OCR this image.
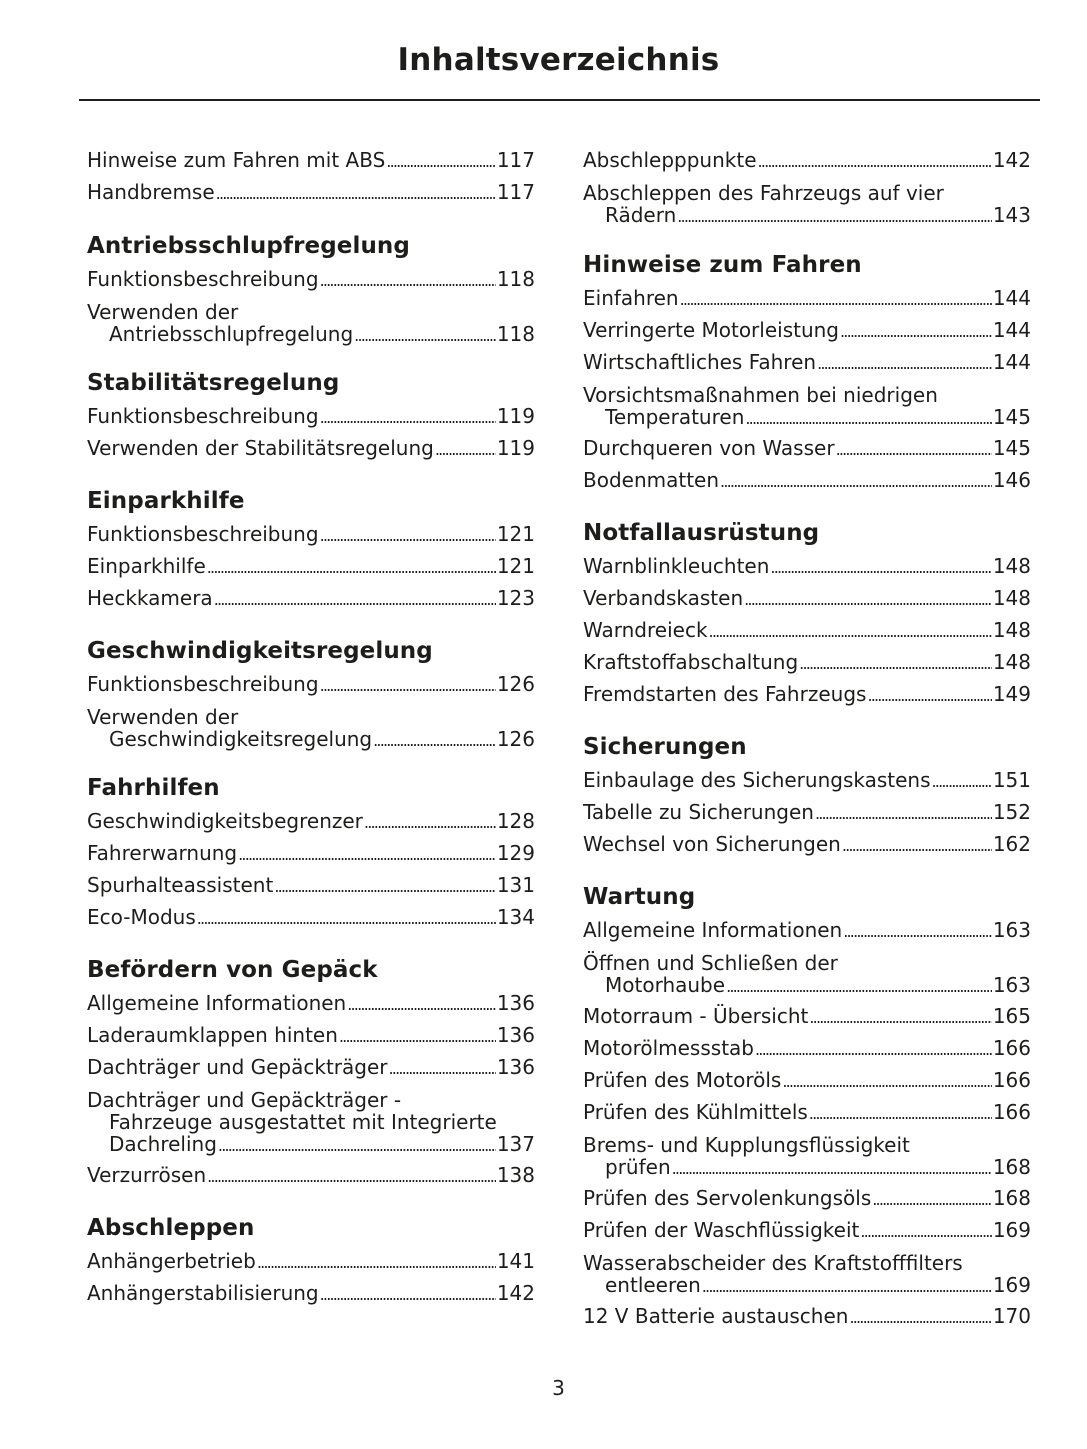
Inhaltsverzeichnis
Hinweise zum Fahren mit ABS .....	117
Handbremse .....	117
Antriebsschlupfregelung
Funktionsbeschreibung .....	118
Verwenden der
Antriebsschlupfregelung .....	118
Stabilitätsregelung
Funktionsbeschreibung .....	119
Verwenden der Stabilitätsregelung .....	119
Einparkhilfe
Funktionsbeschreibung .....	121
Einparkhilfe .....	121
Heckkamera .....	123
Geschwindigkeitsregelung
Funktionsbeschreibung .....	126
Verwenden der
Geschwindigkeitsregelung .....	126
Fahrhilfen
Geschwindigkeitsbegrenzer .....	128
Fahrerwarnung .....	129
Spurhalteassistent .....	131
Eco-Modus .....	134
Befördern von Gepäck
Allgemeine Informationen .....	136
Laderaumklappen hinten .....	136
Dachträger und Gepäckträger .....	136
Dachträger und Gepäckträger -
Fahrzeuge ausgestattet mit Integrierte
Dachreling .....	137
Verzurrösen .....	138
Abschleppen
Anhängerbetrieb .....	141
Anhängerstabilisierung .....	142
Abschlepppunkte .....	142
Abschleppen des Fahrzeugs auf vier
Rädern .....	143
Hinweise zum Fahren
Einfahren .....	144
Verringerte Motorleistung .....	144
Wirtschaftliches Fahren .....	144
Vorsichtsmaßnahmen bei niedrigen
Temperaturen .....	145
Durchqueren von Wasser .....	145
Bodenmatten .....	146
Notfallausrüstung
Warnblinkleuchten .....	148
Verbandskasten .....	148
Warndreieck .....	148
Kraftstoffabschaltung .....	148
Fremdstarten des Fahrzeugs .....	149
Sicherungen
Einbaulage des Sicherungskastens .....	151
Tabelle zu Sicherungen .....	152
Wechsel von Sicherungen .....	162
Wartung
Allgemeine Informationen .....	163
Öffnen und Schließen der
Motorhaube .....	163
Motorraum - Übersicht .....	165
Motorölmessstab .....	166
Prüfen des Motoröls .....	166
Prüfen des Kühlmittels .....	166
Brems- und Kupplungsflüssigkeit
prüfen .....	168
Prüfen des Servolenkungsöls .....	168
Prüfen der Waschflüssigkeit .....	169
Wasserabscheider des Kraftstofffilters
entleeren .....	169
12 V Batterie austauschen .....	170
3
